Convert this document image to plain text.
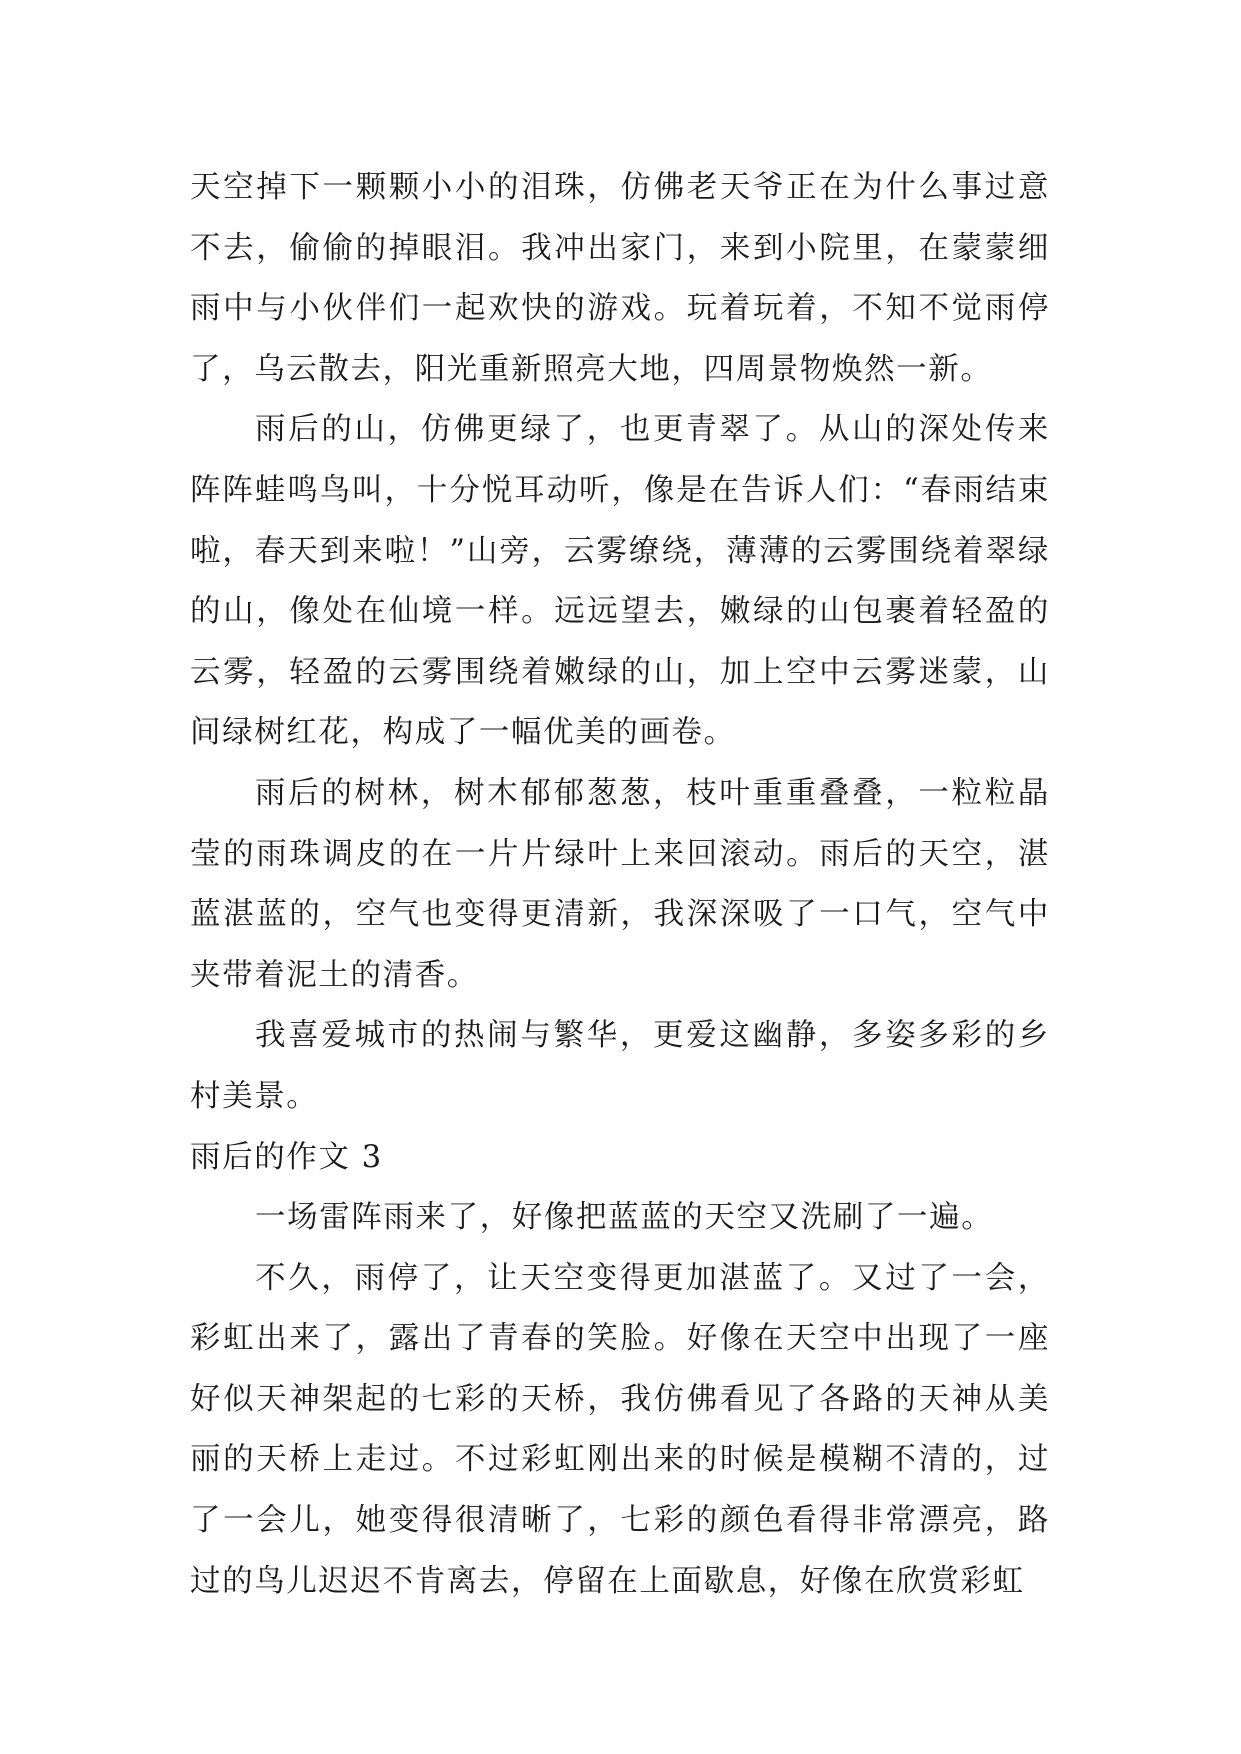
天空掉下一颗颗小小的泪珠，仿佛老天爷正在为什么事过意不去，偷偷的掉眼泪。我冲出家门，来到小院里，在蒙蒙细雨中与小伙伴们一起欢快的游戏。玩着玩着，不知不觉雨停了，乌云散去，阳光重新照亮大地，四周景物焕然一新。

雨后的山，仿佛更绿了，也更青翠了。从山的深处传来阵阵蛙鸣鸟叫，十分悦耳动听，像是在告诉人们：“春雨结束啦，春天到来啦！”山旁，云雾缭绕，薄薄的云雾围绕着翠绿的山，像处在仙境一样。远远望去，嫩绿的山包裹着轻盈的云雾，轻盈的云雾围绕着嫩绿的山，加上空中云雾迷蒙，山间绿树红花，构成了一幅优美的画卷。

雨后的树林，树木郁郁葱葱，枝叶重重叠叠，一粒粒晶莹的雨珠调皮的在一片片绿叶上来回滚动。雨后的天空，湛蓝湛蓝的，空气也变得更清新，我深深吸了一口气，空气中夹带着泥土的清香。

我喜爱城市的热闹与繁华，更爱这幽静，多姿多彩的乡村美景。

雨后的作文 3

一场雷阵雨来了，好像把蓝蓝的天空又洗刷了一遍。

不久，雨停了，让天空变得更加湛蓝了。又过了一会，彩虹出来了，露出了青春的笑脸。好像在天空中出现了一座好似天神架起的七彩的天桥，我仿佛看见了各路的天神从美丽的天桥上走过。不过彩虹刚出来的时候是模糊不清的，过了一会儿，她变得很清晰了，七彩的颜色看得非常漂亮，路过的鸟儿迟迟不肯离去，停留在上面歇息，好像在欣赏彩虹
